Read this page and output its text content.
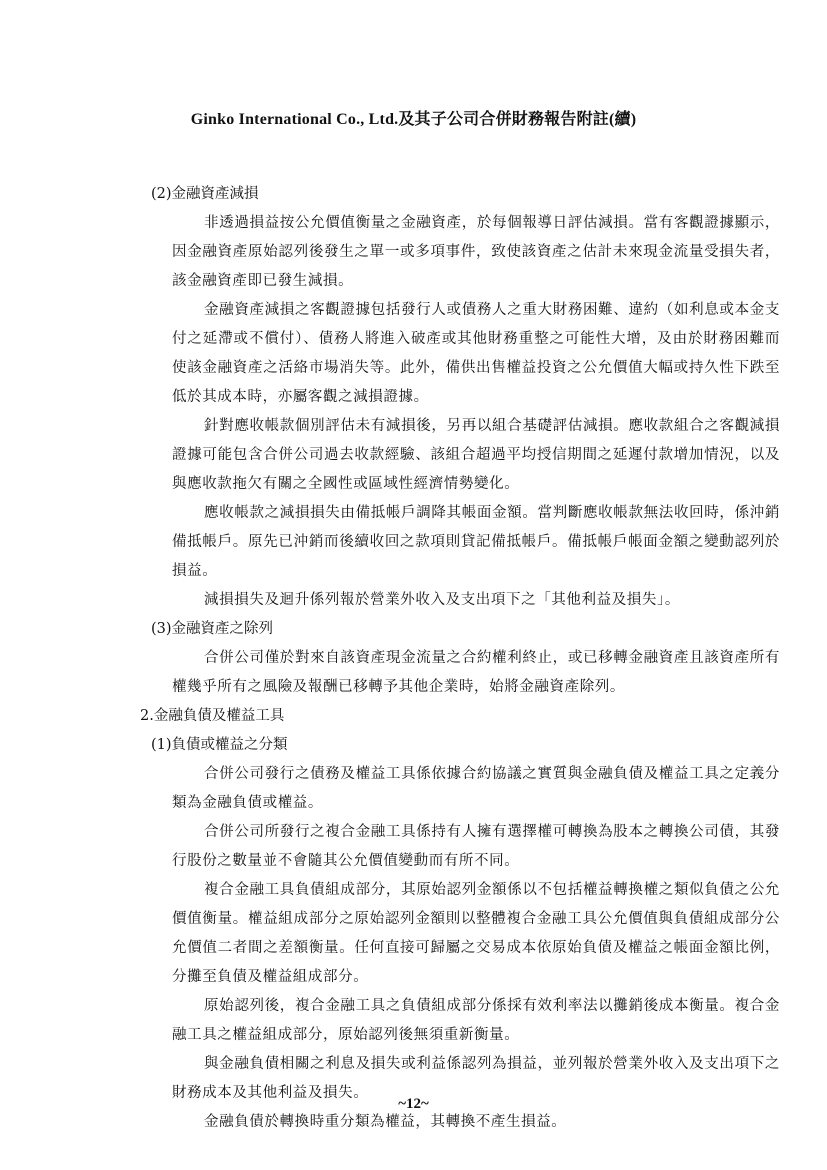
Ginko International Co., Ltd.及其子公司合併財務報告附註(續)

(2)金融資產減損

非透過損益按公允價值衡量之金融資產，於每個報導日評估減損。當有客觀證據顯示，因金融資產原始認列後發生之單一或多項事件，致使該資產之估計未來現金流量受損失者，該金融資產即已發生減損。

金融資產減損之客觀證據包括發行人或債務人之重大財務困難、違約（如利息或本金支付之延滯或不償付）、債務人將進入破產或其他財務重整之可能性大增，及由於財務困難而使該金融資產之活絡市場消失等。此外，備供出售權益投資之公允價值大幅或持久性下跌至低於其成本時，亦屬客觀之減損證據。

針對應收帳款個別評估未有減損後，另再以組合基礎評估減損。應收款組合之客觀減損證據可能包含合併公司過去收款經驗、該組合超過平均授信期間之延遲付款增加情況，以及與應收款拖欠有關之全國性或區域性經濟情勢變化。

應收帳款之減損損失由備抵帳戶調降其帳面金額。當判斷應收帳款無法收回時，係沖銷備抵帳戶。原先已沖銷而後續收回之款項則貸記備抵帳戶。備抵帳戶帳面金額之變動認列於損益。

減損損失及迴升係列報於營業外收入及支出項下之「其他利益及損失」。

(3)金融資產之除列

合併公司僅於對來自該資產現金流量之合約權利終止，或已移轉金融資產且該資產所有權幾乎所有之風險及報酬已移轉予其他企業時，始將金融資產除列。

2.金融負債及權益工具

(1)負債或權益之分類

合併公司發行之債務及權益工具係依據合約協議之實質與金融負債及權益工具之定義分類為金融負債或權益。

合併公司所發行之複合金融工具係持有人擁有選擇權可轉換為股本之轉換公司債，其發行股份之數量並不會隨其公允價值變動而有所不同。

複合金融工具負債組成部分，其原始認列金額係以不包括權益轉換權之類似負債之公允價值衡量。權益組成部分之原始認列金額則以整體複合金融工具公允價值與負債組成部分公允價值二者間之差額衡量。任何直接可歸屬之交易成本依原始負債及權益之帳面金額比例，分攤至負債及權益組成部分。

原始認列後，複合金融工具之負債組成部分係採有效利率法以攤銷後成本衡量。複合金融工具之權益組成部分，原始認列後無須重新衡量。

與金融負債相關之利息及損失或利益係認列為損益，並列報於營業外收入及支出項下之財務成本及其他利益及損失。

金融負債於轉換時重分類為權益，其轉換不產生損益。

~12~
